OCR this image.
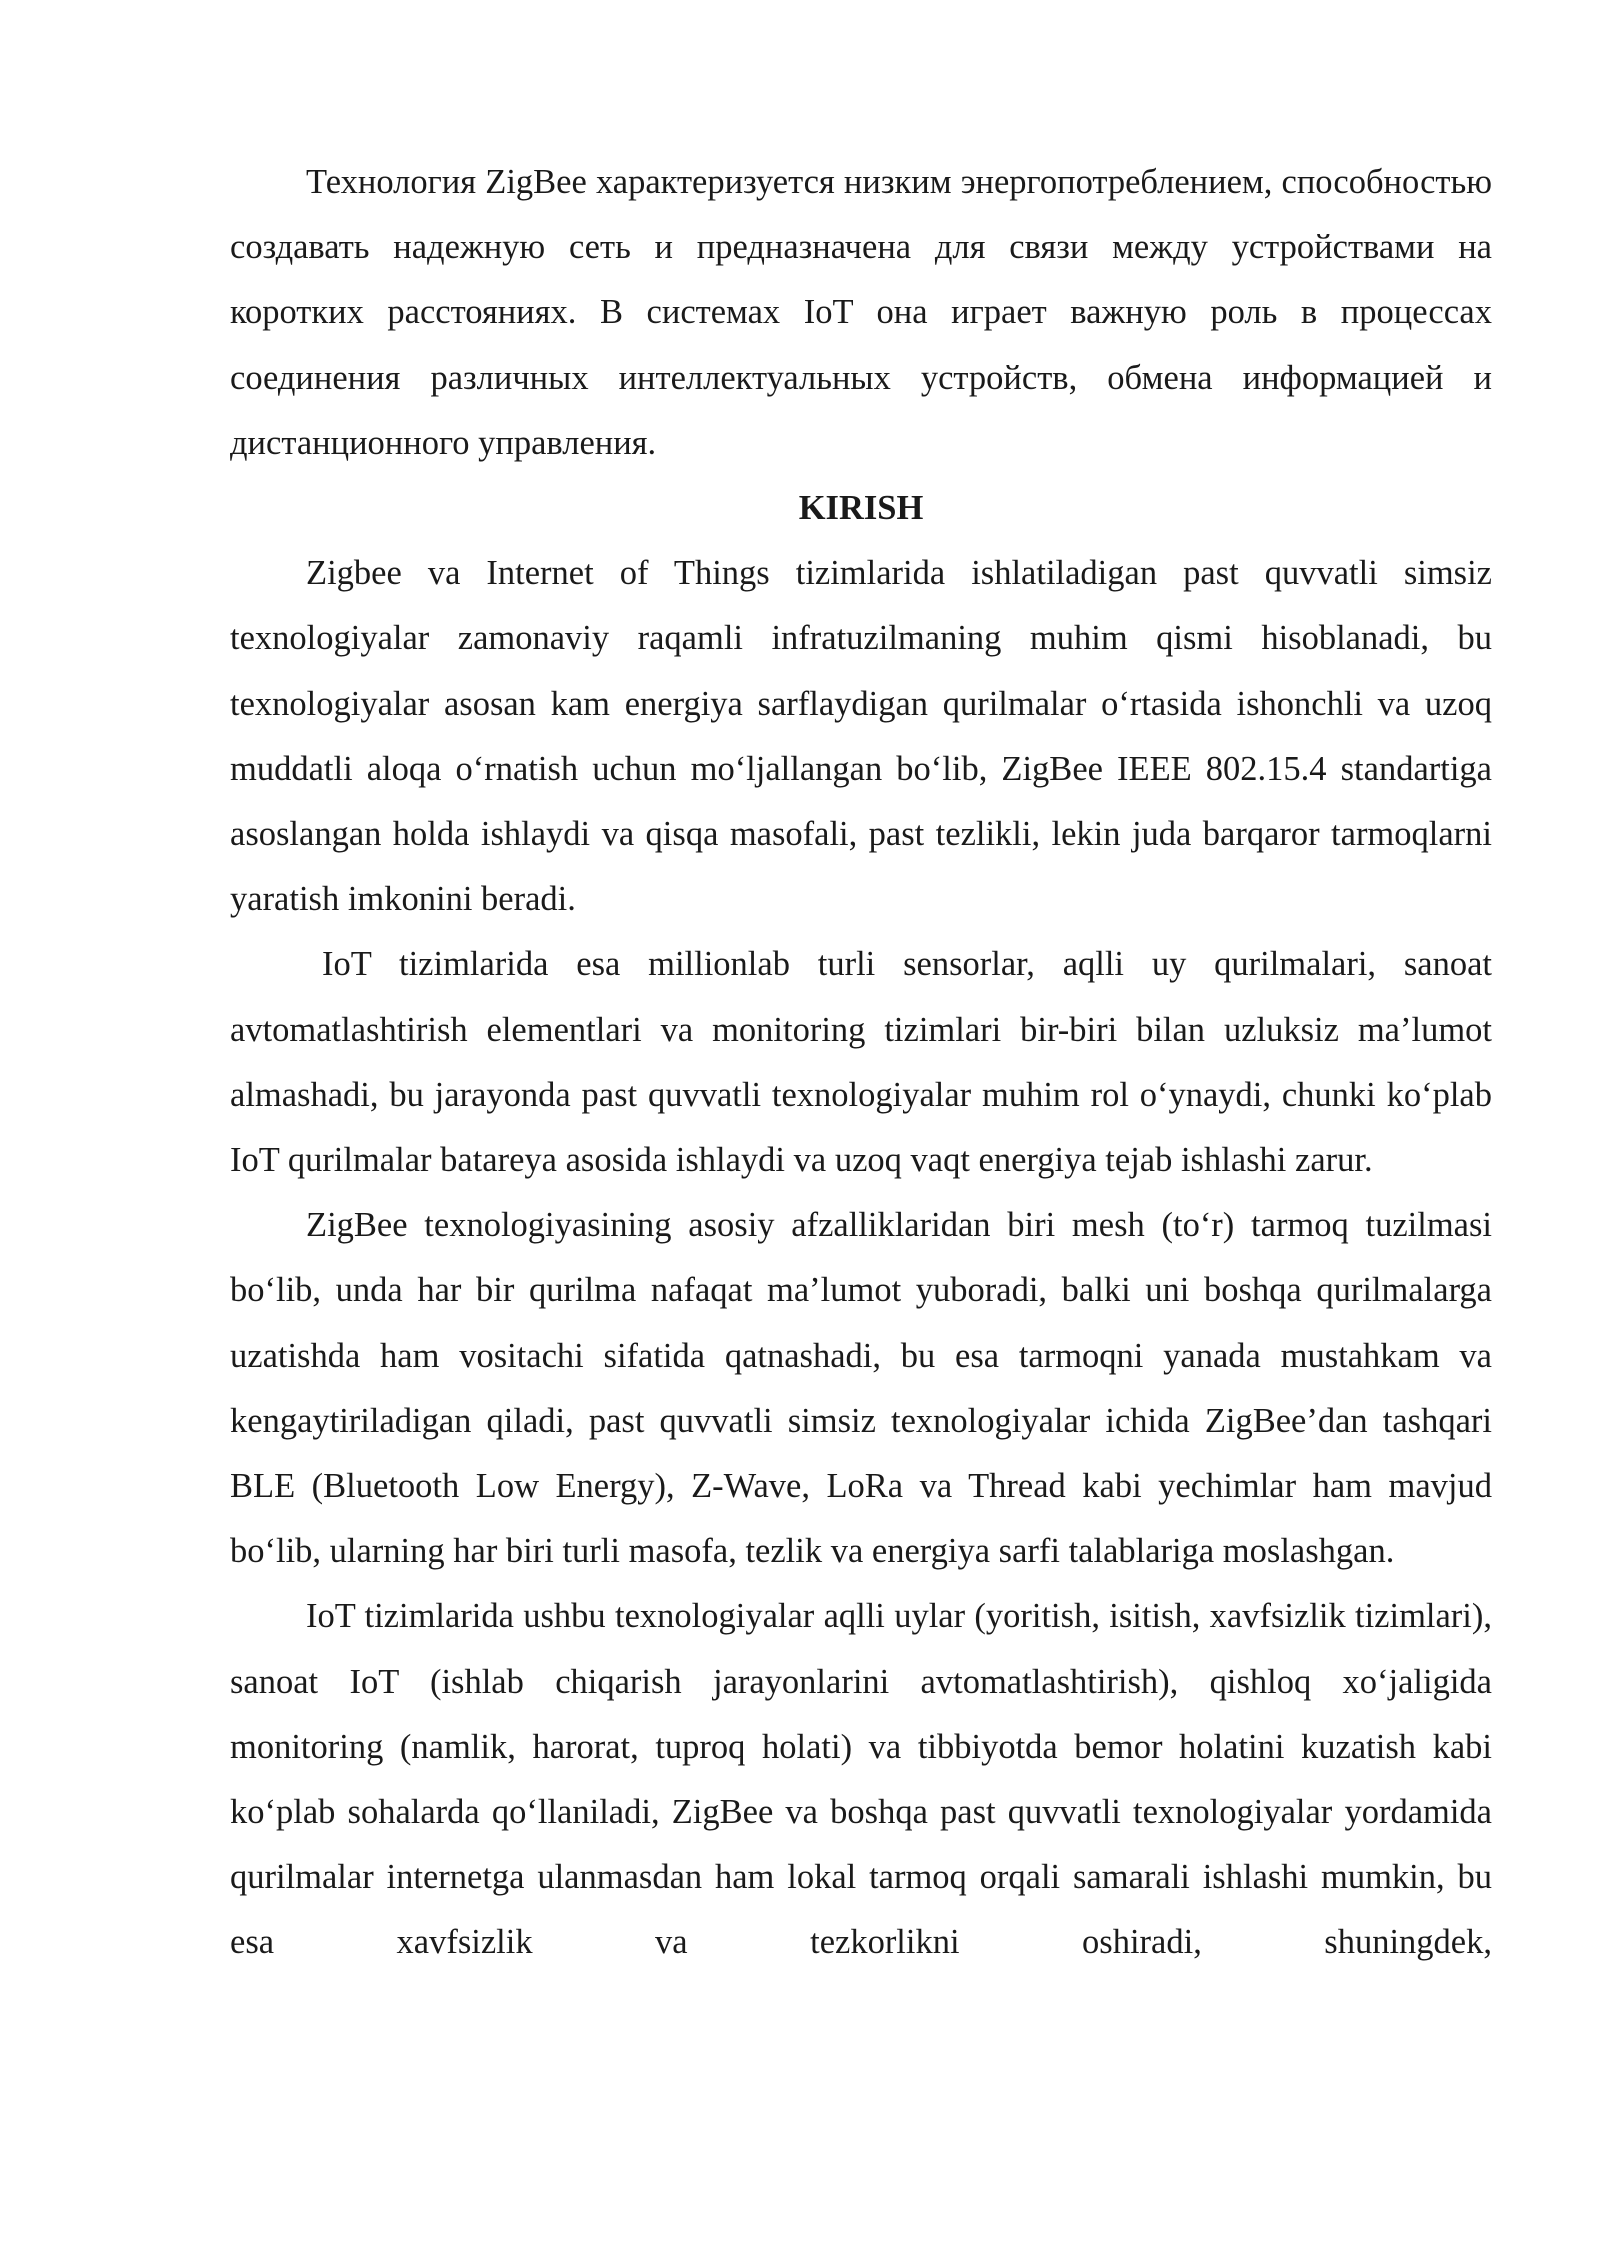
Технология ZigBee характеризуется низким энергопотреблением, способностью создавать надежную сеть и предназначена для связи между устройствами на коротких расстояниях. В системах IoT она играет важную роль в процессах соединения различных интеллектуальных устройств, обмена информацией и дистанционного управления.

KIRISH

Zigbee va Internet of Things tizimlarida ishlatiladigan past quvvatli simsiz texnologiyalar zamonaviy raqamli infratuzilmaning muhim qismi hisoblanadi, bu texnologiyalar asosan kam energiya sarflaydigan qurilmalar o‘rtasida ishonchli va uzoq muddatli aloqa o‘rnatish uchun mo‘ljallangan bo‘lib, ZigBee IEEE 802.15.4 standartiga asoslangan holda ishlaydi va qisqa masofali, past tezlikli, lekin juda barqaror tarmoqlarni yaratish imkonini beradi.

IoT tizimlarida esa millionlab turli sensorlar, aqlli uy qurilmalari, sanoat avtomatlashtirish elementlari va monitoring tizimlari bir-biri bilan uzluksiz ma’lumot almashadi, bu jarayonda past quvvatli texnologiyalar muhim rol o‘ynaydi, chunki ko‘plab IoT qurilmalar batareya asosida ishlaydi va uzoq vaqt energiya tejab ishlashi zarur.

ZigBee texnologiyasining asosiy afzalliklaridan biri mesh (to‘r) tarmoq tuzilmasi bo‘lib, unda har bir qurilma nafaqat ma’lumot yuboradi, balki uni boshqa qurilmalarga uzatishda ham vositachi sifatida qatnashadi, bu esa tarmoqni yanada mustahkam va kengaytiriladigan qiladi, past quvvatli simsiz texnologiyalar ichida ZigBee’dan tashqari BLE (Bluetooth Low Energy), Z-Wave, LoRa va Thread kabi yechimlar ham mavjud bo‘lib, ularning har biri turli masofa, tezlik va energiya sarfi talablariga moslashgan.

IoT tizimlarida ushbu texnologiyalar aqlli uylar (yoritish, isitish, xavfsizlik tizimlari), sanoat IoT (ishlab chiqarish jarayonlarini avtomatlashtirish), qishloq xo‘jaligida monitoring (namlik, harorat, tuproq holati) va tibbiyotda bemor holatini kuzatish kabi ko‘plab sohalarda qo‘llaniladi, ZigBee va boshqa past quvvatli texnologiyalar yordamida qurilmalar internetga ulanmasdan ham lokal tarmoq orqali samarali ishlashi mumkin, bu esa xavfsizlik va tezkorlikni oshiradi, shuningdek,
